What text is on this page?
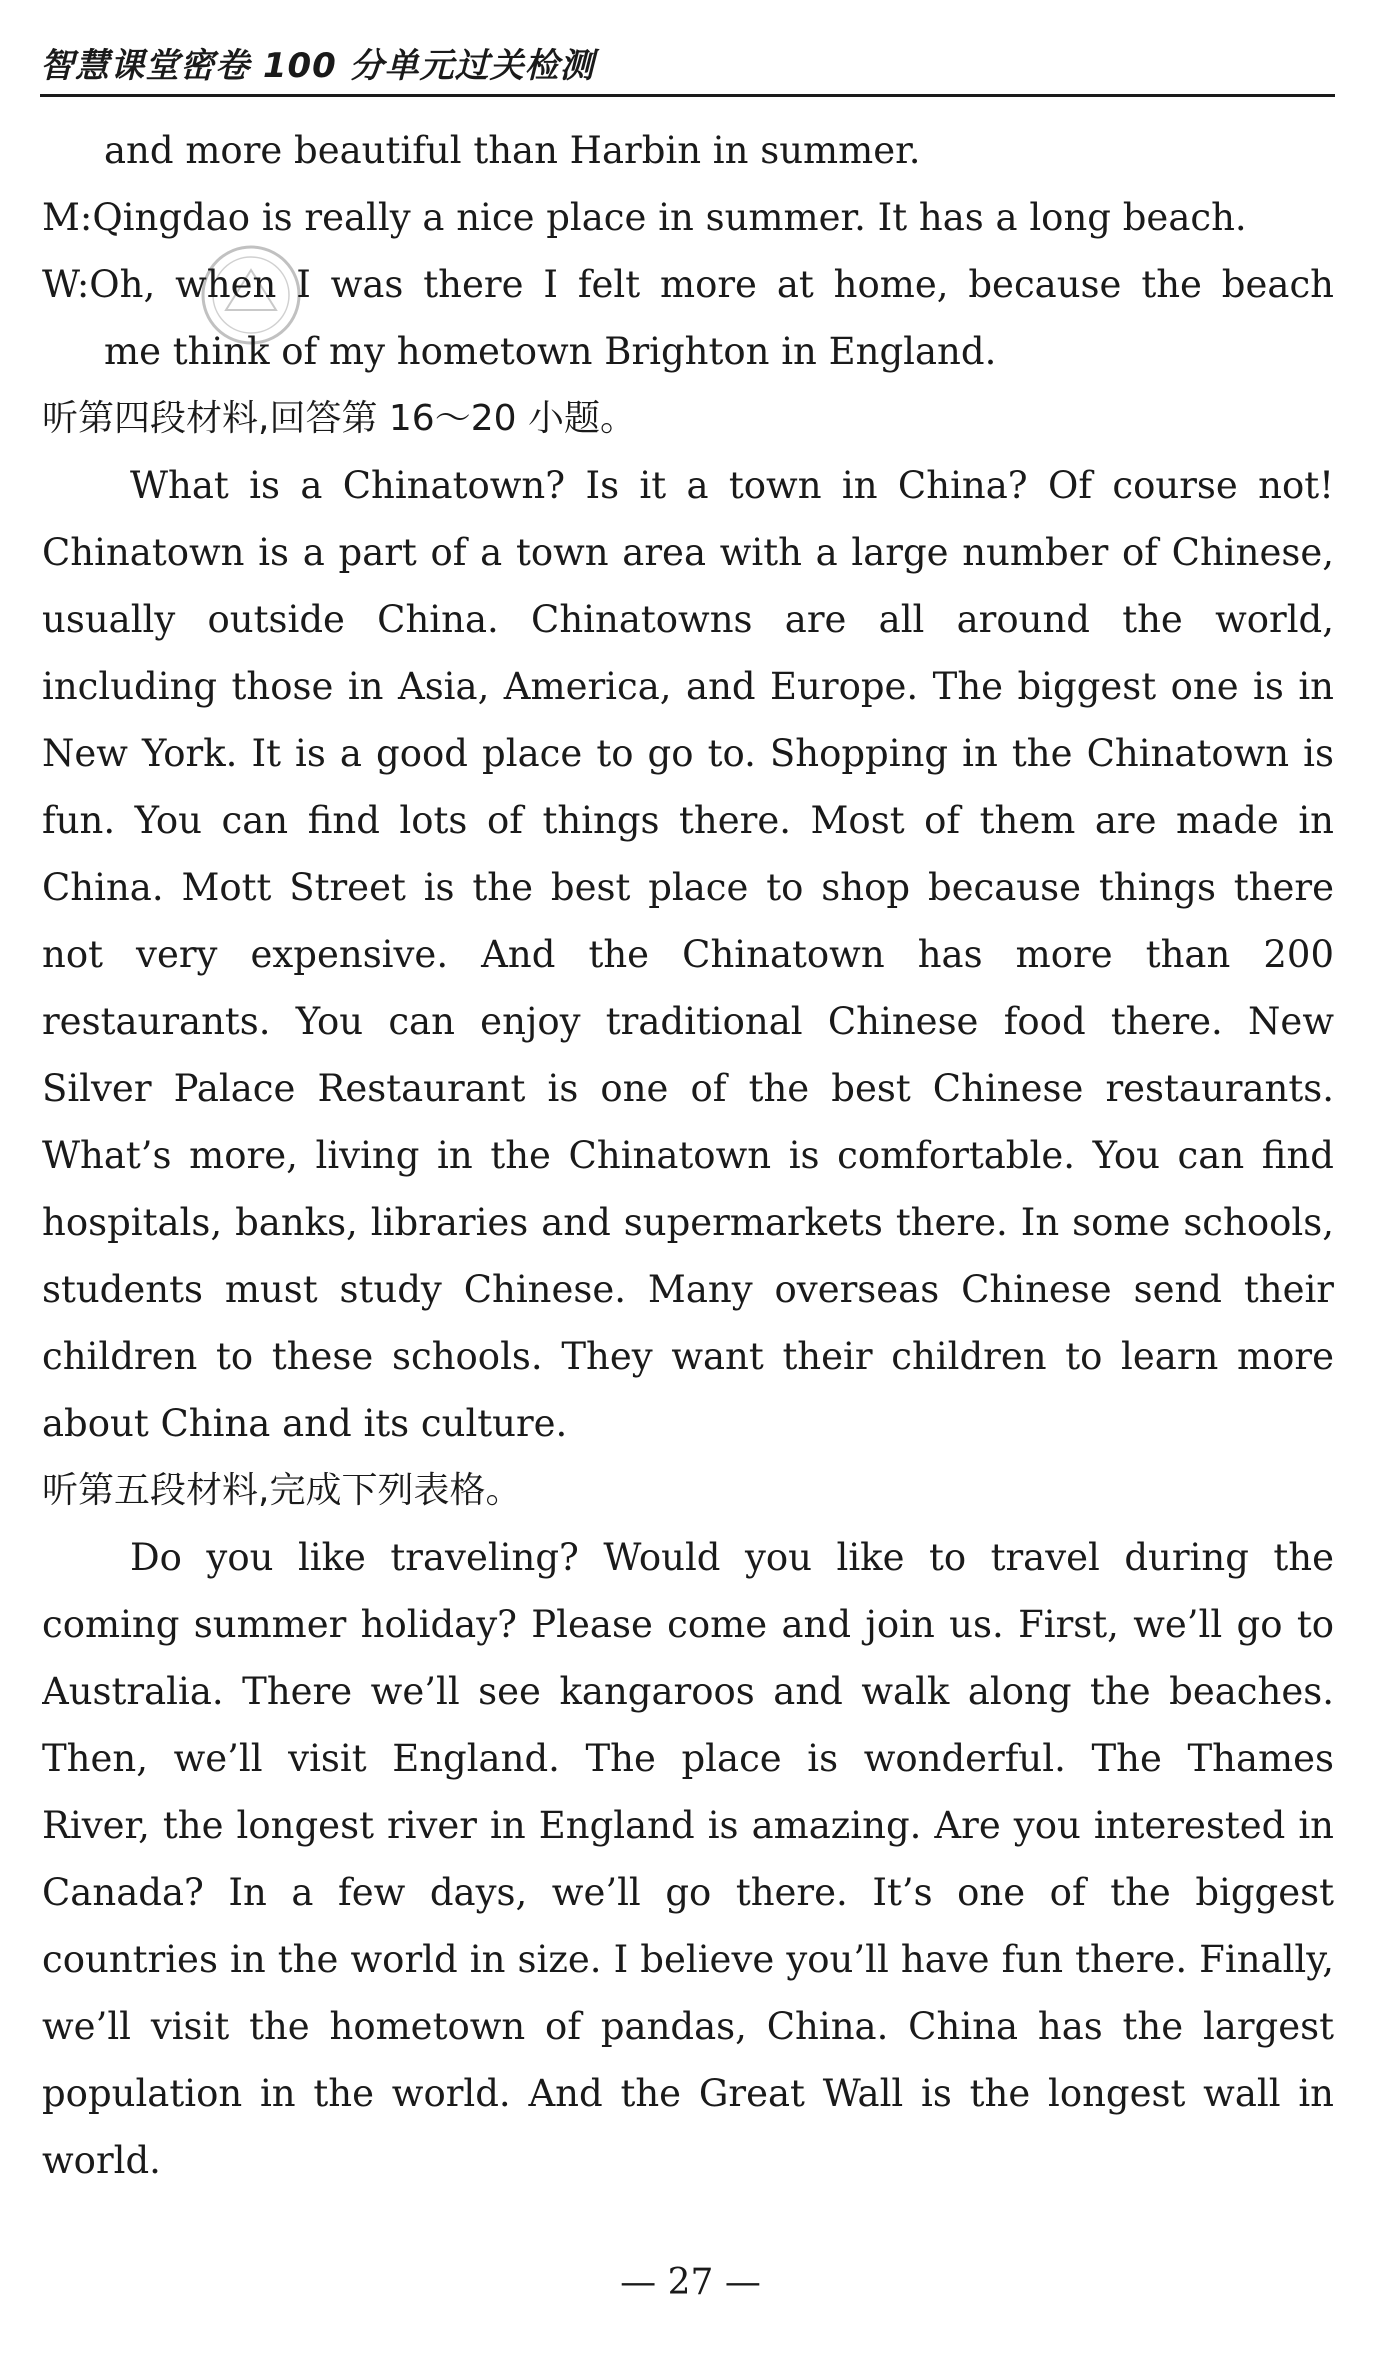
智慧课堂密卷 100 分单元过关检测
and more beautiful than Harbin in summer.
M:Qingdao is really a nice place in summer. It has a long beach.
W:Oh, when I was there I felt more at home, because the beach
me think of my hometown Brighton in England.
听第四段材料,回答第 16～20 小题。
What is a Chinatown? Is it a town in China? Of course not!
Chinatown is a part of a town area with a large number of Chinese,
usually outside China. Chinatowns are all around the world,
including those in Asia, America, and Europe. The biggest one is in
New York. It is a good place to go to. Shopping in the Chinatown is
fun. You can find lots of things there. Most of them are made in
China. Mott Street is the best place to shop because things there
not very expensive. And the Chinatown has more than 200
restaurants. You can enjoy traditional Chinese food there. New
Silver Palace Restaurant is one of the best Chinese restaurants.
What’s more, living in the Chinatown is comfortable. You can find
hospitals, banks, libraries and supermarkets there. In some schools,
students must study Chinese. Many overseas Chinese send their
children to these schools. They want their children to learn more
about China and its culture.
听第五段材料,完成下列表格。
Do you like traveling? Would you like to travel during the
coming summer holiday? Please come and join us. First, we’ll go to
Australia. There we’ll see kangaroos and walk along the beaches.
Then, we’ll visit England. The place is wonderful. The Thames
River, the longest river in England is amazing. Are you interested in
Canada? In a few days, we’ll go there. It’s one of the biggest
countries in the world in size. I believe you’ll have fun there. Finally,
we’ll visit the hometown of pandas, China. China has the largest
population in the world. And the Great Wall is the longest wall in
world.
— 27 —
